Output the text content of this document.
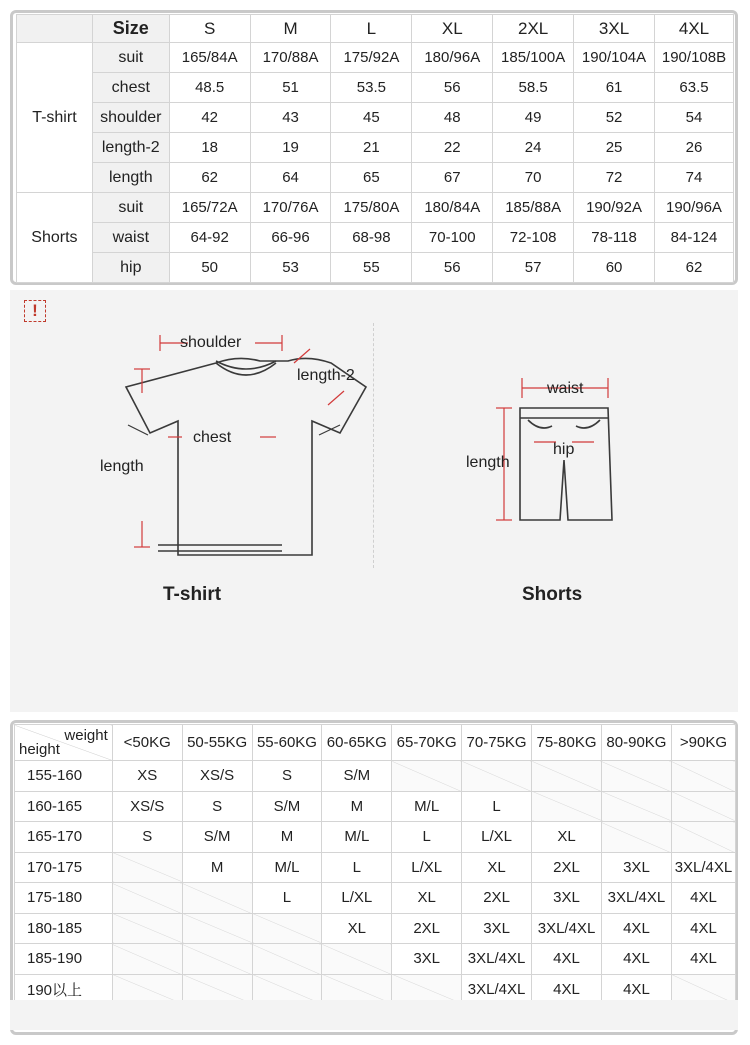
	Size	S	M	L	XL	2XL	3XL	4XL
T-shirt	suit	165/84A	170/88A	175/92A	180/96A	185/100A	190/104A	190/108B
	chest	48.5	51	53.5	56	58.5	61	63.5
	shoulder	42	43	45	48	49	52	54
	length-2	18	19	21	22	24	25	26
	length	62	64	65	67	70	72	74
Shorts	suit	165/72A	170/76A	175/80A	180/84A	185/88A	190/92A	190/96A
	waist	64-92	66-96	68-98	70-100	72-108	78-118	84-124
	hip	50	53	55	56	57	60	62
!
shoulder
length-2
chest
length
T-shirt
waist
hip
length
Shorts
weight
height	<50KG	50-55KG	55-60KG	60-65KG	65-70KG	70-75KG	75-80KG	80-90KG	>90KG
155-160	XS	XS/S	S	S/M					
160-165	XS/S	S	S/M	M	M/L	L			
165-170	S	S/M	M	M/L	L	L/XL	XL		
170-175		M	M/L	L	L/XL	XL	2XL	3XL	3XL/4XL
175-180			L	L/XL	XL	2XL	3XL	3XL/4XL	4XL
180-185				XL	2XL	3XL	3XL/4XL	4XL	4XL
185-190					3XL	3XL/4XL	4XL	4XL	4XL
190以上						3XL/4XL	4XL	4XL	
